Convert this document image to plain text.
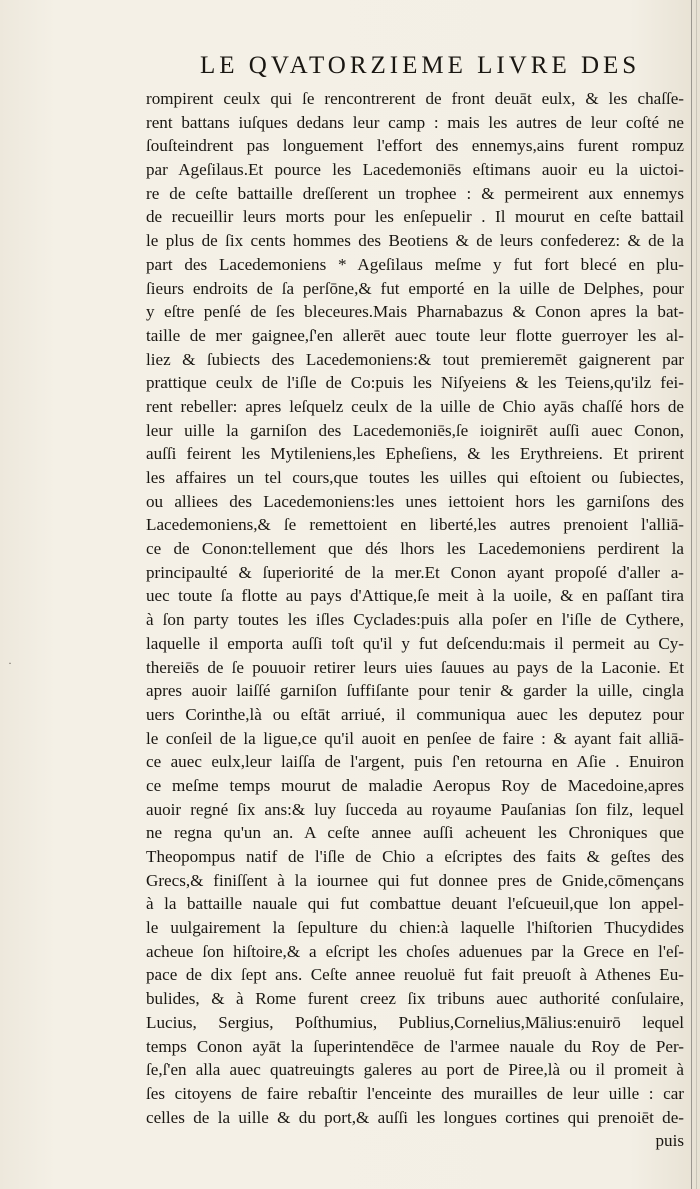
·
LE QVATORZIEME LIVRE DES
rompirent ceulx qui ſe rencontrerent de front deuāt eulx, & les chaſſe-
rent battans iuſques dedans leur camp : mais les autres de leur coſté ne
ſouſteindrent pas longuement l'effort des ennemys,ains furent rompuz
par Ageſilaus.Et pource les Lacedemoniēs eſtimans auoir eu la uictoi-
re de ceſte battaille dreſſerent un trophee : & permeirent aux ennemys
de recueillir leurs morts pour les enſepuelir . Il mourut en ceſte battail
le plus de ſix cents hommes des Beotiens & de leurs confederez: & de la
part des Lacedemoniens * Ageſilaus meſme y fut fort blecé en plu-
ſieurs endroits de ſa perſōne,& fut emporté en la uille de Delphes, pour
y eſtre penſé de ſes bleceures.Mais Pharnabazus & Conon apres la bat-
taille de mer gaignee,ſ'en allerēt auec toute leur flotte guerroyer les al-
liez & ſubiects des Lacedemoniens:& tout premieremēt gaignerent par
prattique ceulx de l'iſle de Co:puis les Niſyeiens & les Teiens,qu'ilz fei-
rent rebeller: apres leſquelz ceulx de la uille de Chio ayās chaſſé hors de
leur uille la garniſon des Lacedemoniēs,ſe ioignirēt auſſi auec Conon,
auſſi feirent les Mytileniens,les Epheſiens, & les Erythreiens. Et prirent
les affaires un tel cours,que toutes les uilles qui eſtoient ou ſubiectes,
ou alliees des Lacedemoniens:les unes iettoient hors les garniſons des
Lacedemoniens,& ſe remettoient en liberté,les autres prenoient l'alliā-
ce de Conon:tellement que dés lhors les Lacedemoniens perdirent la
principaulté & ſuperiorité de la mer.Et Conon ayant propoſé d'aller a-
uec toute ſa flotte au pays d'Attique,ſe meit à la uoile, & en paſſant tira
à ſon party toutes les iſles Cyclades:puis alla poſer en l'iſle de Cythere,
laquelle il emporta auſſi toſt qu'il y fut deſcendu:mais il permeit au Cy-
thereiēs de ſe pouuoir retirer leurs uies ſauues au pays de la Laconie. Et
apres auoir laiſſé garniſon ſuffiſante pour tenir & garder la uille, cingla
uers Corinthe,là ou eſtāt arriué, il communiqua auec les deputez pour
le conſeil de la ligue,ce qu'il auoit en penſee de faire : & ayant fait alliā-
ce auec eulx,leur laiſſa de l'argent, puis ſ'en retourna en Aſie . Enuiron
ce meſme temps mourut de maladie Aeropus Roy de Macedoine,apres
auoir regné ſix ans:& luy ſucceda au royaume Pauſanias ſon filz, lequel
ne regna qu'un an. A ceſte annee auſſi acheuent les Chroniques que
Theopompus natif de l'iſle de Chio a eſcriptes des faits & geſtes des
Grecs,& finiſſent à la iournee qui fut donnee pres de Gnide,cōmençans
à la battaille nauale qui fut combattue deuant l'eſcueuil,que lon appel-
le uulgairement la ſepulture du chien:à laquelle l'hiſtorien Thucydides
acheue ſon hiſtoire,& a eſcript les choſes aduenues par la Grece en l'eſ-
pace de dix ſept ans. Ceſte annee reuoluë fut fait preuoſt à Athenes Eu-
bulides, & à Rome furent creez ſix tribuns auec authorité conſulaire,
Lucius, Sergius, Poſthumius, Publius,Cornelius,Mālius:enuirō lequel
temps Conon ayāt la ſuperintendēce de l'armee nauale du Roy de Per-
ſe,ſ'en alla auec quatreuingts galeres au port de Piree,là ou il promeit à
ſes citoyens de faire rebaſtir l'enceinte des murailles de leur uille : car
celles de la uille & du port,& auſſi les longues cortines qui prenoiēt de-
puis
